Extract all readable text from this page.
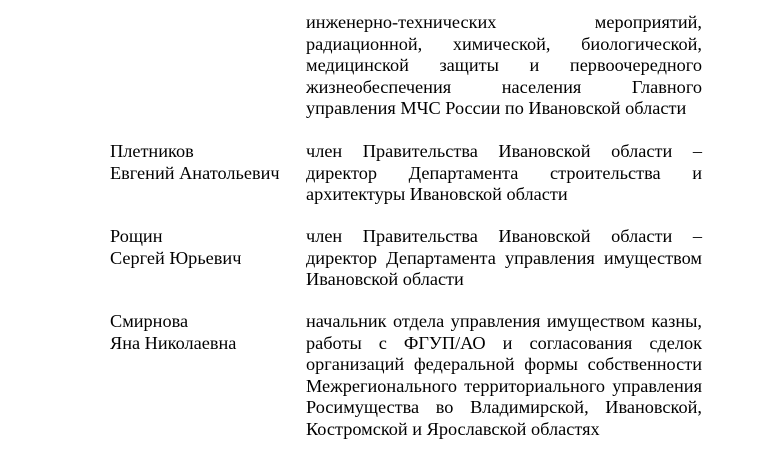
инженерно-технических мероприятий,
радиационной, химической, биологической,
медицинской защиты и первоочередного
жизнеобеспечения населения Главного
управления МЧС России по Ивановской области
Плетников
Евгений Анатольевич
член Правительства Ивановской области –
директор Департамента строительства и
архитектуры Ивановской области
Рощин
Сергей Юрьевич
член Правительства Ивановской области –
директор Департамента управления имуществом
Ивановской области
Смирнова
Яна Николаевна
начальник отдела управления имуществом казны,
работы с ФГУП/АО и согласования сделок
организаций федеральной формы собственности
Межрегионального территориального управления
Росимущества во Владимирской, Ивановской,
Костромской и Ярославской областях
